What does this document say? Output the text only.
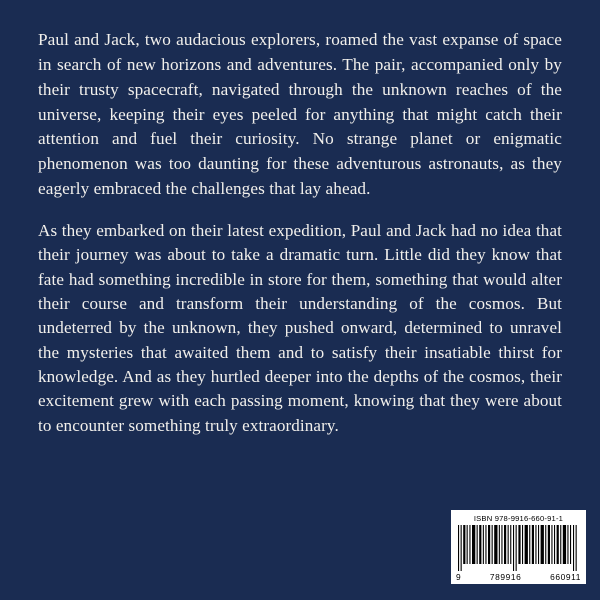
Paul and Jack, two audacious explorers, roamed the vast expanse of space in search of new horizons and adventures. The pair, accompanied only by their trusty spacecraft, navigated through the unknown reaches of the universe, keeping their eyes peeled for anything that might catch their attention and fuel their curiosity. No strange planet or enigmatic phenomenon was too daunting for these adventurous astronauts, as they eagerly embraced the challenges that lay ahead.

As they embarked on their latest expedition, Paul and Jack had no idea that their journey was about to take a dramatic turn. Little did they know that fate had something incredible in store for them, something that would alter their course and transform their understanding of the cosmos. But undeterred by the unknown, they pushed onward, determined to unravel the mysteries that awaited them and to satisfy their insatiable thirst for knowledge. And as they hurtled deeper into the depths of the cosmos, their excitement grew with each passing moment, knowing that they were about to encounter something truly extraordinary.

ISBN 978-9916-660-91-1
9	789916	660911
